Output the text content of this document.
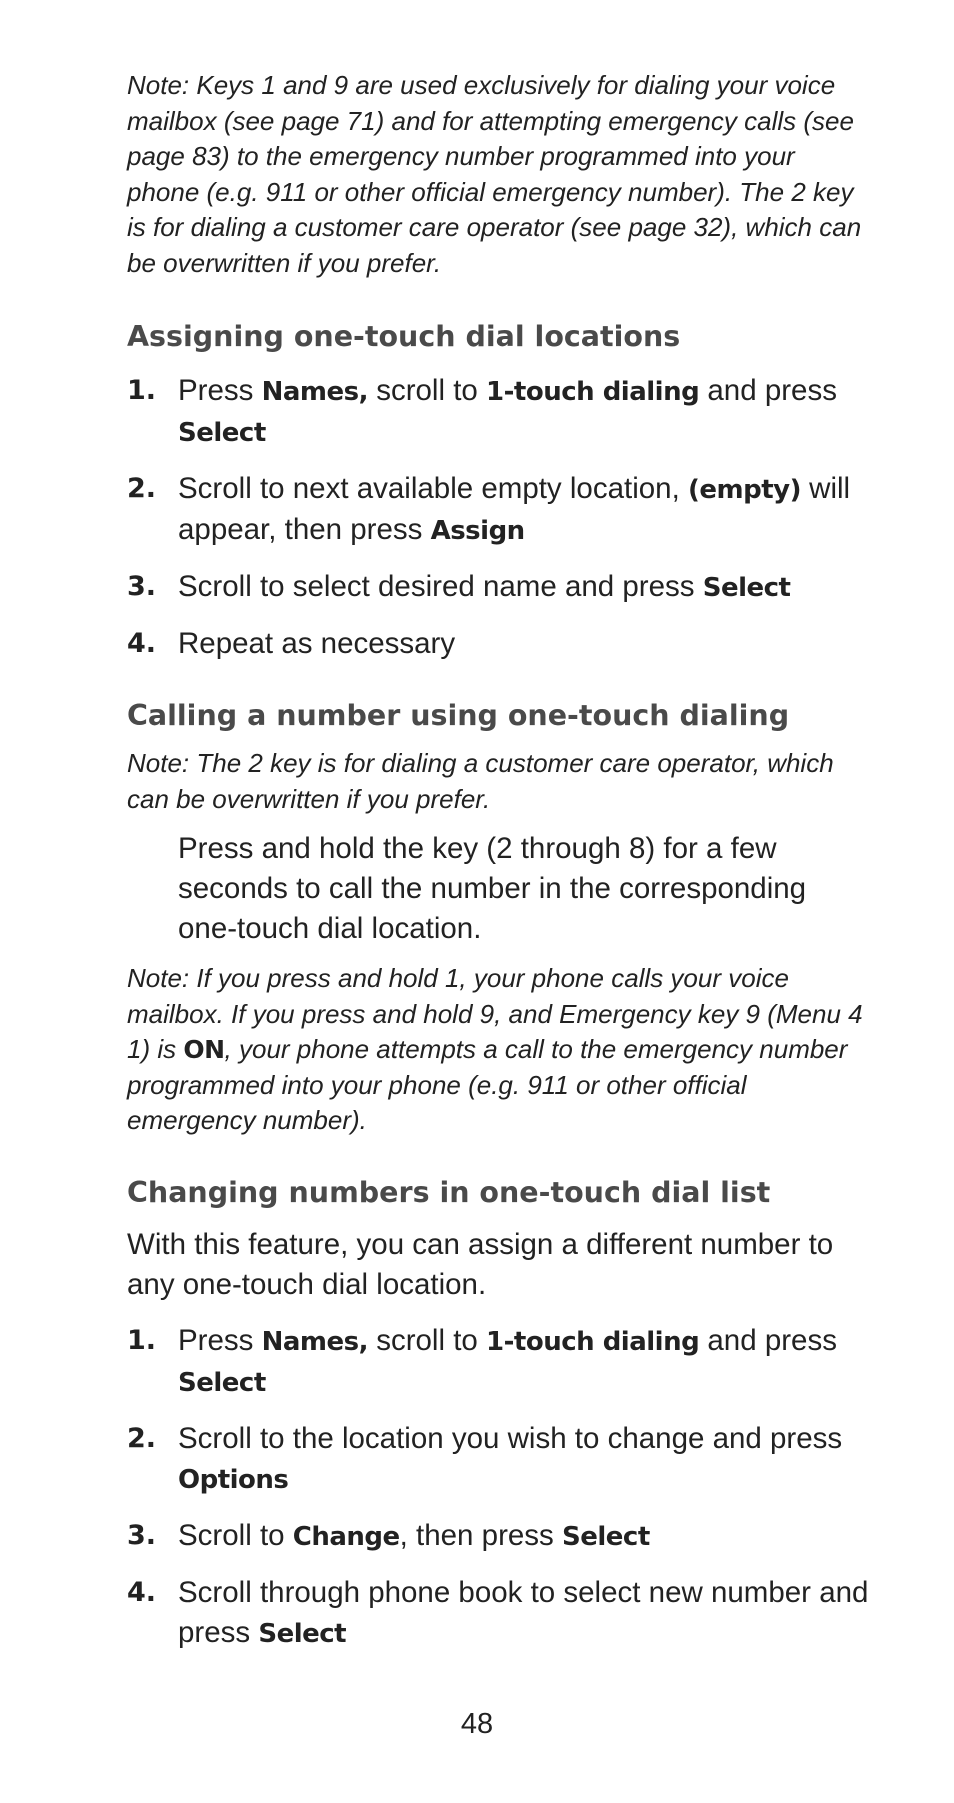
Note: Keys 1 and 9 are used exclusively for dialing your voice mailbox (see page 71) and for attempting emergency calls (see page 83) to the emergency number programmed into your phone (e.g. 911 or other official emergency number). The 2 key is for dialing a customer care operator (see page 32), which can be overwritten if you prefer.

Assigning one-touch dial locations
1. Press Names, scroll to 1-touch dialing and press Select
2. Scroll to next available empty location, (empty) will appear, then press Assign
3. Scroll to select desired name and press Select
4. Repeat as necessary
Calling a number using one-touch dialing

Note: The 2 key is for dialing a customer care operator, which can be overwritten if you prefer.

Press and hold the key (2 through 8) for a few seconds to call the number in the corresponding one-touch dial location.

Note: If you press and hold 1, your phone calls your voice mailbox. If you press and hold 9, and Emergency key 9 (Menu 4 1) is ON, your phone attempts a call to the emergency number programmed into your phone (e.g. 911 or other official emergency number).

Changing numbers in one-touch dial list

With this feature, you can assign a different number to any one-touch dial location.

1. Press Names, scroll to 1-touch dialing and press Select
2. Scroll to the location you wish to change and press Options
3. Scroll to Change, then press Select
4. Scroll through phone book to select new number and press Select
48
